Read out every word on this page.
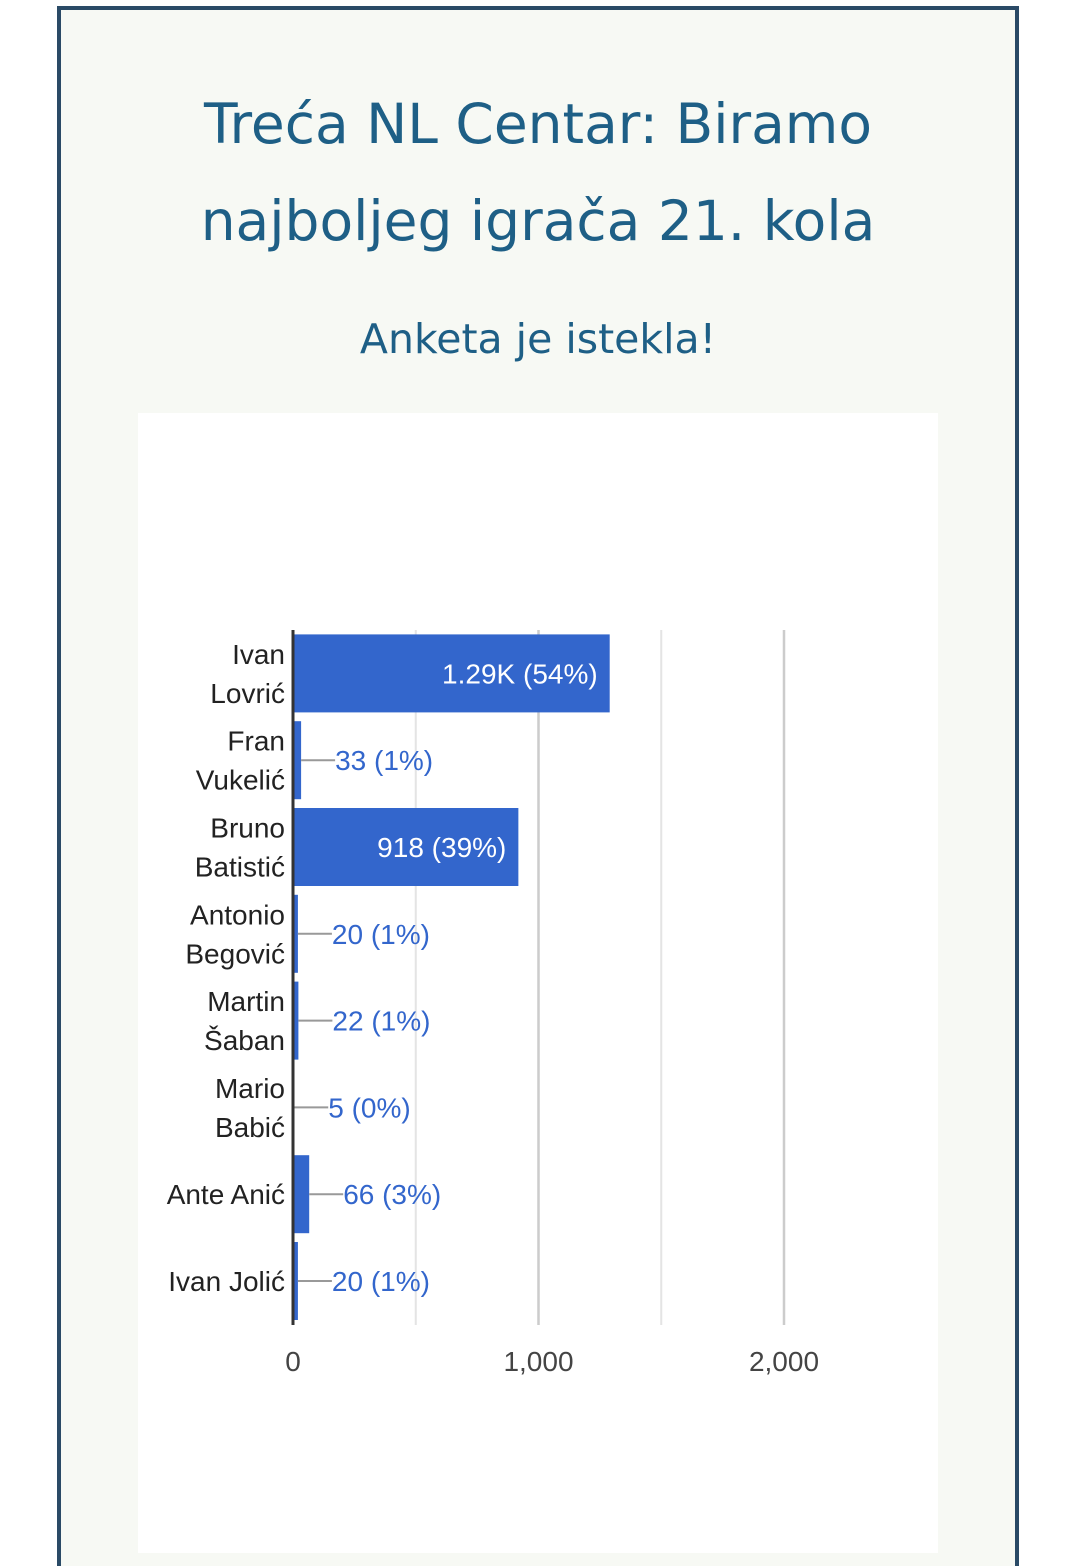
Treća NL Centar: Biramo
najboljeg igrača 21. kola
Anketa je istekla!
0	1,000	2,000
Ivan
Lovrić
1.29K (54%)
Fran
Vukelić
33 (1%)
Bruno
Batistić
918 (39%)
Antonio
Begović
20 (1%)
Martin
Šaban
22 (1%)
Mario
Babić
5 (0%)
Ante Anić 66 (3%)
Ivan Jolić 20 (1%)
